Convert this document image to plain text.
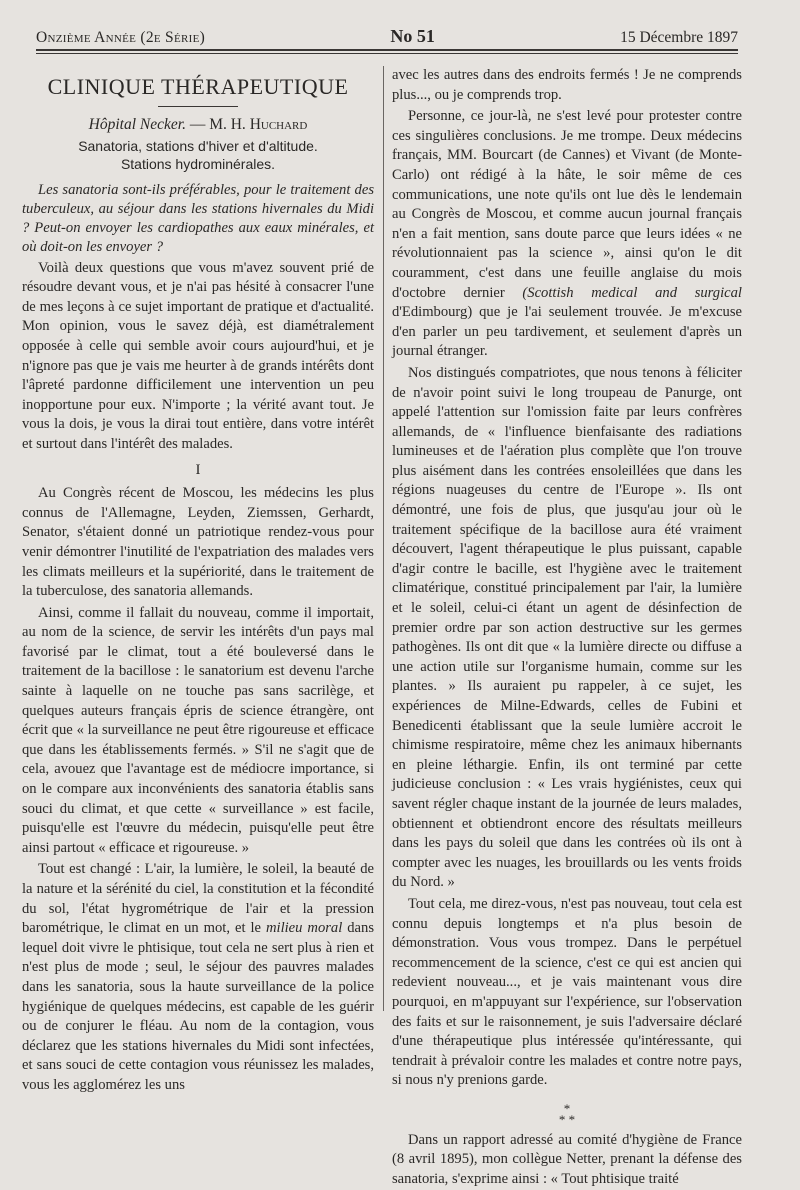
Onzième Année (2e Série)	No 51	15 Décembre 1897
CLINIQUE THÉRAPEUTIQUE
Hôpital Necker. — M. H. Huchard
Sanatoria, stations d'hiver et d'altitude.
Stations hydrominérales.

Les sanatoria sont-ils préférables, pour le traitement des tuberculeux, au séjour dans les stations hivernales du Midi ? Peut-on envoyer les cardiopathes aux eaux minérales, et où doit-on les envoyer ?

Voilà deux questions que vous m'avez souvent prié de résoudre devant vous, et je n'ai pas hésité à consacrer l'une de mes leçons à ce sujet important de pratique et d'actualité. Mon opinion, vous le savez déjà, est diamétralement opposée à celle qui semble avoir cours aujourd'hui, et je n'ignore pas que je vais me heurter à de grands intérêts dont l'âpreté pardonne difficilement une intervention un peu inopportune pour eux. N'importe ; la vérité avant tout. Je vous la dois, je vous la dirai tout entière, dans votre intérêt et surtout dans l'intérêt des malades.

I

Au Congrès récent de Moscou, les médecins les plus connus de l'Allemagne, Leyden, Ziemssen, Gerhardt, Senator, s'étaient donné un patriotique rendez-vous pour venir démontrer l'inutilité de l'expatriation des malades vers les climats meilleurs et la supériorité, dans le traitement de la tuberculose, des sanatoria allemands.

Ainsi, comme il fallait du nouveau, comme il importait, au nom de la science, de servir les intérêts d'un pays mal favorisé par le climat, tout a été bouleversé dans le traitement de la bacillose : le sanatorium est devenu l'arche sainte à laquelle on ne touche pas sans sacrilège, et quelques auteurs français épris de science étrangère, ont écrit que « la surveillance ne peut être rigoureuse et efficace que dans les établissements fermés. » S'il ne s'agit que de cela, avouez que l'avantage est de médiocre importance, si on le compare aux inconvénients des sanatoria établis sans souci du climat, et que cette « surveillance » est facile, puisqu'elle est l'œuvre du médecin, puisqu'elle peut être ainsi partout « efficace et rigoureuse. »

Tout est changé : L'air, la lumière, le soleil, la beauté de la nature et la sérénité du ciel, la constitution et la fécondité du sol, l'état hygrométrique de l'air et la pression barométrique, le climat en un mot, et le milieu moral dans lequel doit vivre le phtisique, tout cela ne sert plus à rien et n'est plus de mode ; seul, le séjour des pauvres malades dans les sanatoria, sous la haute surveillance de la police hygiénique de quelques médecins, est capable de les guérir ou de conjurer le fléau. Au nom de la contagion, vous déclarez que les stations hivernales du Midi sont infectées, et sans souci de cette contagion vous réunissez les malades, vous les agglomérez les uns

avec les autres dans des endroits fermés ! Je ne comprends plus..., ou je comprends trop.

Personne, ce jour-là, ne s'est levé pour protester contre ces singulières conclusions. Je me trompe. Deux médecins français, MM. Bourcart (de Cannes) et Vivant (de Monte-Carlo) ont rédigé à la hâte, le soir même de ces communications, une note qu'ils ont lue dès le lendemain au Congrès de Moscou, et comme aucun journal français n'en a fait mention, sans doute parce que leurs idées « ne révolutionnaient pas la science », ainsi qu'on le dit couramment, c'est dans une feuille anglaise du mois d'octobre dernier (Scottish medical and surgical d'Edimbourg) que je l'ai seulement trouvée. Je m'excuse d'en parler un peu tardivement, et seulement d'après un journal étranger.

Nos distingués compatriotes, que nous tenons à féliciter de n'avoir point suivi le long troupeau de Panurge, ont appelé l'attention sur l'omission faite par leurs confrères allemands, de « l'influence bienfaisante des radiations lumineuses et de l'aération plus complète que l'on trouve plus aisément dans les contrées ensoleillées que dans les régions nuageuses du centre de l'Europe ». Ils ont démontré, une fois de plus, que jusqu'au jour où le traitement spécifique de la bacillose aura été vraiment découvert, l'agent thérapeutique le plus puissant, capable d'agir contre le bacille, est l'hygiène avec le traitement climatérique, constitué principalement par l'air, la lumière et le soleil, celui-ci étant un agent de désinfection de premier ordre par son action destructive sur les germes pathogènes. Ils ont dit que « la lumière directe ou diffuse a une action utile sur l'organisme humain, comme sur les plantes. » Ils auraient pu rappeler, à ce sujet, les expériences de Milne-Edwards, celles de Fubini et Benedicenti établissant que la seule lumière accroit le chimisme respiratoire, même chez les animaux hibernants en pleine léthargie. Enfin, ils ont terminé par cette judicieuse conclusion : « Les vrais hygiénistes, ceux qui savent régler chaque instant de la journée de leurs malades, obtiennent et obtiendront encore des résultats meilleurs dans les pays du soleil que dans les contrées où ils ont à compter avec les nuages, les brouillards ou les vents froids du Nord. »

Tout cela, me direz-vous, n'est pas nouveau, tout cela est connu depuis longtemps et n'a plus besoin de démonstration. Vous vous trompez. Dans le perpétuel recommencement de la science, c'est ce qui est ancien qui redevient nouveau..., et je vais maintenant vous dire pourquoi, en m'appuyant sur l'expérience, sur l'observation des faits et sur le raisonnement, je suis l'adversaire déclaré d'une thérapeutique plus intéressée qu'intéressante, qui tendrait à prévaloir contre les malades et contre notre pays, si nous n'y prenions garde.

*
* *

Dans un rapport adressé au comité d'hygiène de France (8 avril 1895), mon collègue Netter, prenant la défense des sanatoria, s'exprime ainsi : « Tout phtisique traité
